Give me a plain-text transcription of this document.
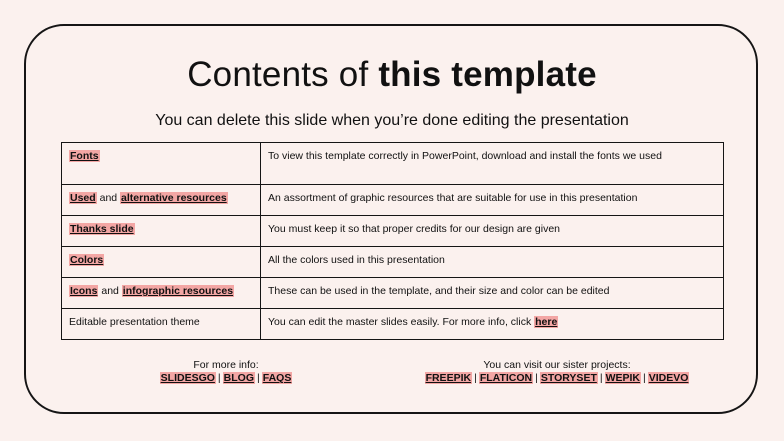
Contents of this template
You can delete this slide when you’re done editing the presentation
Fonts	To view this template correctly in PowerPoint, download and install the fonts we used
Used and alternative resources	An assortment of graphic resources that are suitable for use in this presentation
Thanks slide	You must keep it so that proper credits for our design are given
Colors	All the colors used in this presentation
Icons and infographic resources	These can be used in the template, and their size and color can be edited
Editable presentation theme	You can edit the master slides easily. For more info, click here
For more info:
SLIDESGO | BLOG | FAQS
You can visit our sister projects:
FREEPIK | FLATICON | STORYSET | WEPIK | VIDEVO
